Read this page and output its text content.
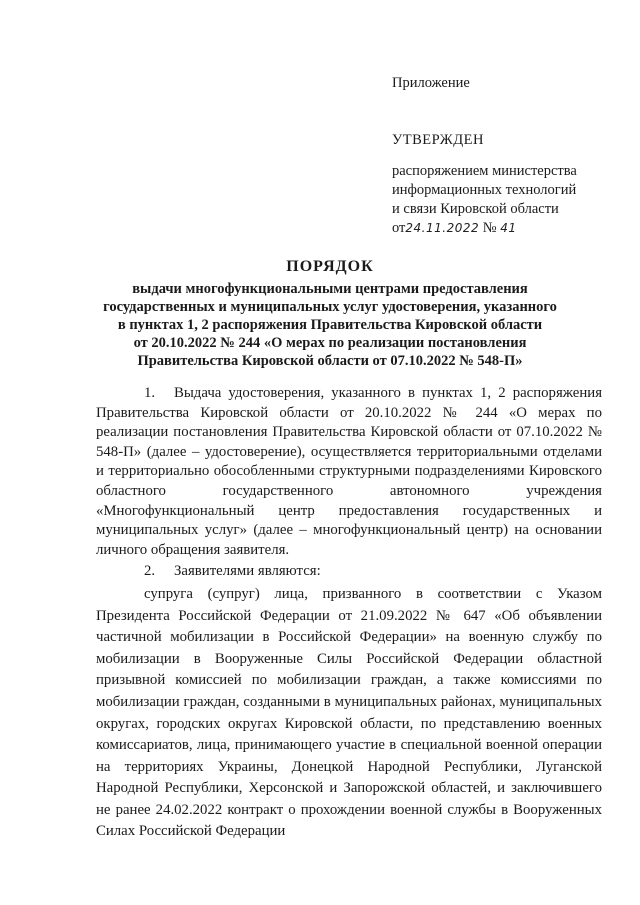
Приложение
УТВЕРЖДЕН
распоряжением министерства
информационных технологий
и связи Кировской области
от24.11.2022 № 41
ПОРЯДОК
выдачи многофункциональными центрами предоставления
государственных и муниципальных услуг удостоверения, указанного
в пунктах 1, 2 распоряжения Правительства Кировской области
от 20.10.2022 № 244 «О мерах по реализации постановления
Правительства Кировской области от 07.10.2022 № 548-П»

1. Выдача удостоверения, указанного в пунктах 1, 2 распоряжения Правительства Кировской области от 20.10.2022 № 244 «О мерах по реализации постановления Правительства Кировской области от 07.10.2022 № 548-П» (далее – удостоверение), осуществляется территориальными отделами и территориально обособленными структурными подразделениями Кировского областного государственного автономного учреждения «Многофункциональный центр предоставления государственных и муниципальных услуг» (далее – многофункциональный центр) на основании личного обращения заявителя.

2. Заявителями являются:

супруга (супруг) лица, призванного в соответствии с Указом Президента Российской Федерации от 21.09.2022 № 647 «Об объявлении частичной мобилизации в Российской Федерации» на военную службу по мобилизации в Вооруженные Силы Российской Федерации областной призывной комиссией по мобилизации граждан, а также комиссиями по мобилизации граждан, созданными в муниципальных районах, муниципальных округах, городских округах Кировской области, по представлению военных комиссариатов, лица, принимающего участие в специальной военной операции на территориях Украины, Донецкой Народной Республики, Луганской Народной Республики, Херсонской и Запорожской областей, и заключившего не ранее 24.02.2022 контракт о прохождении военной службы в Вооруженных Силах Российской Федерации
